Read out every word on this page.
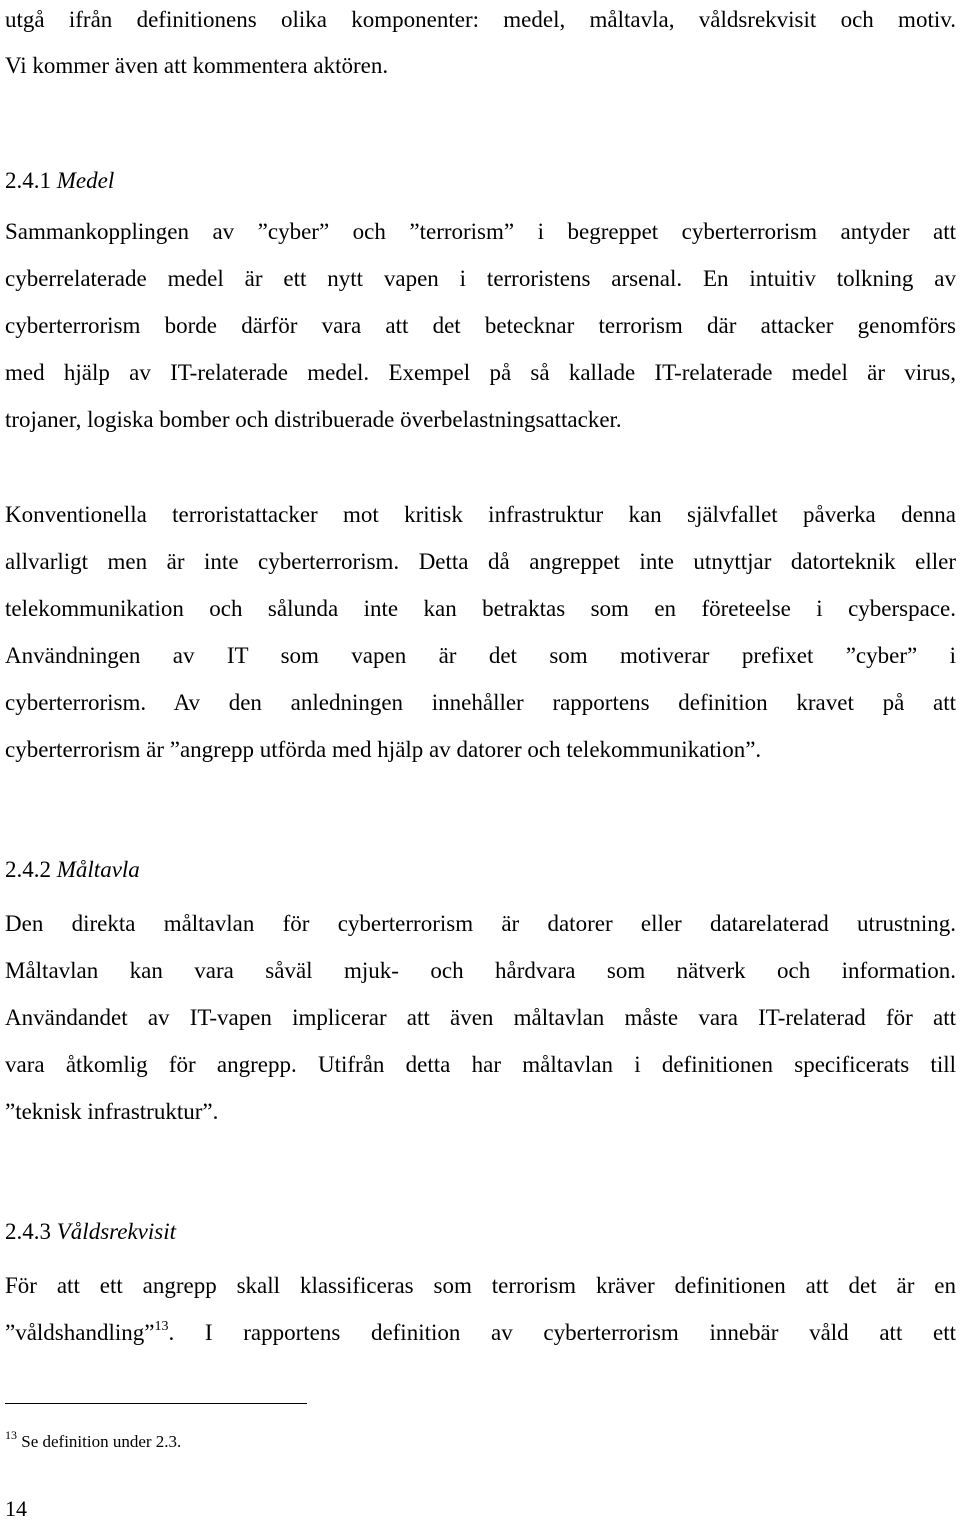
utgå ifrån definitionens olika komponenter: medel, måltavla, våldsrekvisit och motiv.
Vi kommer även att kommentera aktören.
2.4.1 Medel
Sammankopplingen av ”cyber” och ”terrorism” i begreppet cyberterrorism antyder att
cyberrelaterade medel är ett nytt vapen i terroristens arsenal. En intuitiv tolkning av
cyberterrorism borde därför vara att det betecknar terrorism där attacker genomförs
med hjälp av IT-relaterade medel. Exempel på så kallade IT-relaterade medel är virus,
trojaner, logiska bomber och distribuerade överbelastningsattacker.
Konventionella terroristattacker mot kritisk infrastruktur kan självfallet påverka denna
allvarligt men är inte cyberterrorism. Detta då angreppet inte utnyttjar datorteknik eller
telekommunikation och sålunda inte kan betraktas som en företeelse i cyberspace.
Användningen av IT som vapen är det som motiverar prefixet ”cyber” i
cyberterrorism. Av den anledningen innehåller rapportens definition kravet på att
cyberterrorism är ”angrepp utförda med hjälp av datorer och telekommunikation”.
2.4.2 Måltavla
Den direkta måltavlan för cyberterrorism är datorer eller datarelaterad utrustning.
Måltavlan kan vara såväl mjuk- och hårdvara som nätverk och information.
Användandet av IT-vapen implicerar att även måltavlan måste vara IT-relaterad för att
vara åtkomlig för angrepp. Utifrån detta har måltavlan i definitionen specificerats till
”teknisk infrastruktur”.
2.4.3 Våldsrekvisit
För att ett angrepp skall klassificeras som terrorism kräver definitionen att det är en
”våldshandling”$^{13}$. I rapportens definition av cyberterrorism innebär våld att ett
$^{13}$ Se definition under 2.3.
14
